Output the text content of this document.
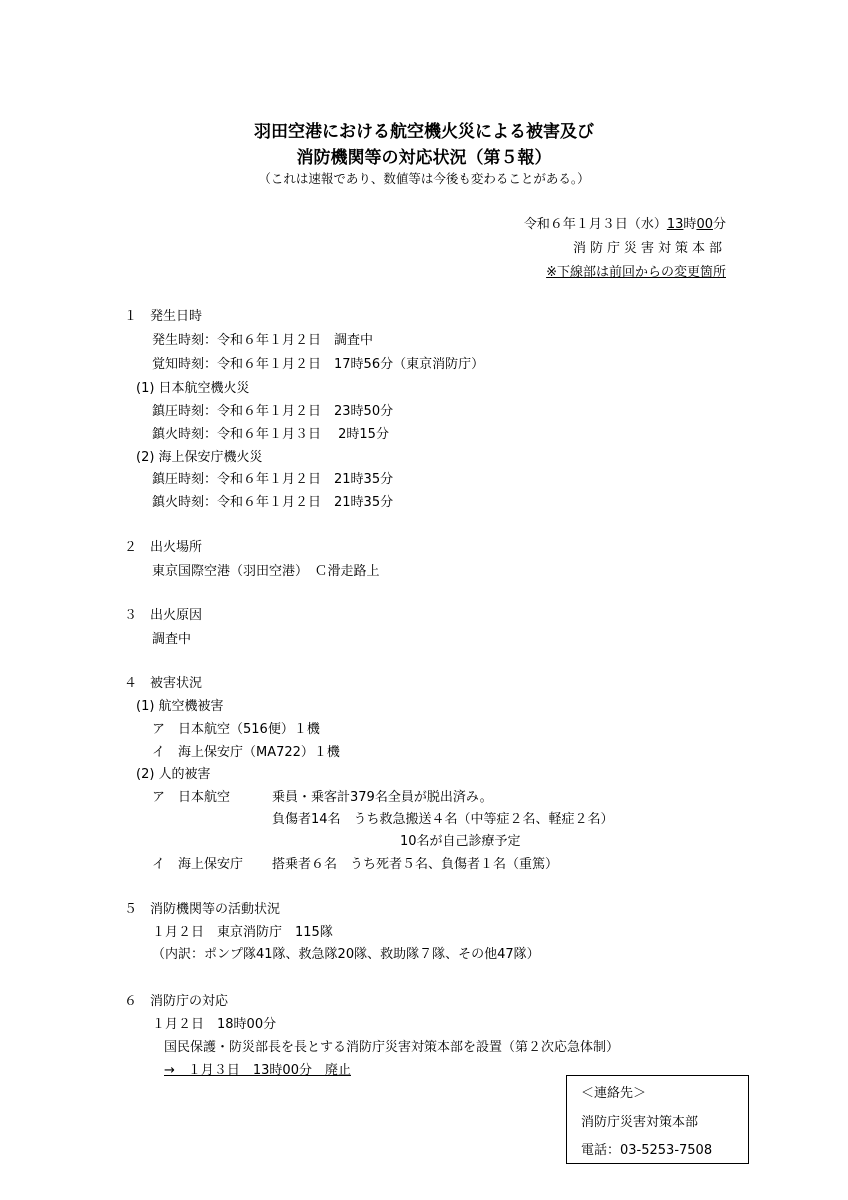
羽田空港における航空機火災による被害及び
消防機関等の対応状況（第５報）
（これは速報であり、数値等は今後も変わることがある。）
令和６年１月３日（水）13時00分
消防庁災害対策本部
※下線部は前回からの変更箇所
１　発生日時
発生時刻：令和６年１月２日　調査中
覚知時刻：令和６年１月２日　17時56分（東京消防庁）
(1) 日本航空機火災
鎮圧時刻：令和６年１月２日　23時50分
鎮火時刻：令和６年１月３日　 2時15分
(2) 海上保安庁機火災
鎮圧時刻：令和６年１月２日　21時35分
鎮火時刻：令和６年１月２日　21時35分
２　出火場所
東京国際空港（羽田空港）　Ｃ滑走路上
３　出火原因
調査中
４　被害状況
(1) 航空機被害
ア　日本航空（516便）１機
イ　海上保安庁（MA722）１機
(2) 人的被害
ア　日本航空	乗員・乗客計379名全員が脱出済み。
負傷者14名　うち救急搬送４名（中等症２名、軽症２名）
10名が自己診療予定
イ　海上保安庁 搭乗者６名　うち死者５名、負傷者１名（重篤）
５　消防機関等の活動状況
１月２日　東京消防庁　115隊
（内訳：ポンプ隊41隊、救急隊20隊、救助隊７隊、その他47隊）
６　消防庁の対応
１月２日　18時00分
国民保護・防災部長を長とする消防庁災害対策本部を設置（第２次応急体制）
→　１月３日　13時00分　廃止
＜連絡先＞
消防庁災害対策本部
電話：03-5253-7508
